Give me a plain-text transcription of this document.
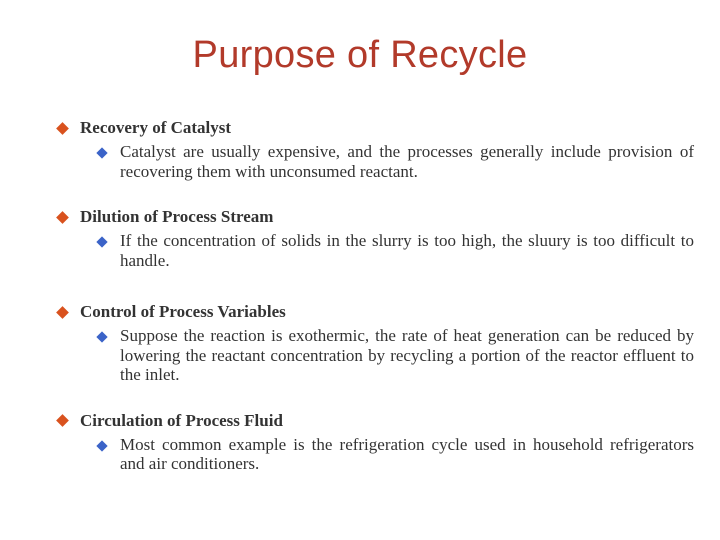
Purpose of Recycle
Recovery of Catalyst
Catalyst are usually expensive, and the processes generally include provision of recovering them with unconsumed reactant.
Dilution of Process Stream
If the concentration of solids in the slurry is too high, the sluury is too difficult to handle.
Control of Process Variables
Suppose the reaction is exothermic, the rate of heat generation can be reduced by lowering the reactant concentration by recycling a portion of the reactor effluent to the inlet.
Circulation of Process Fluid
Most common example is the refrigeration cycle used in household refrigerators and air conditioners.
